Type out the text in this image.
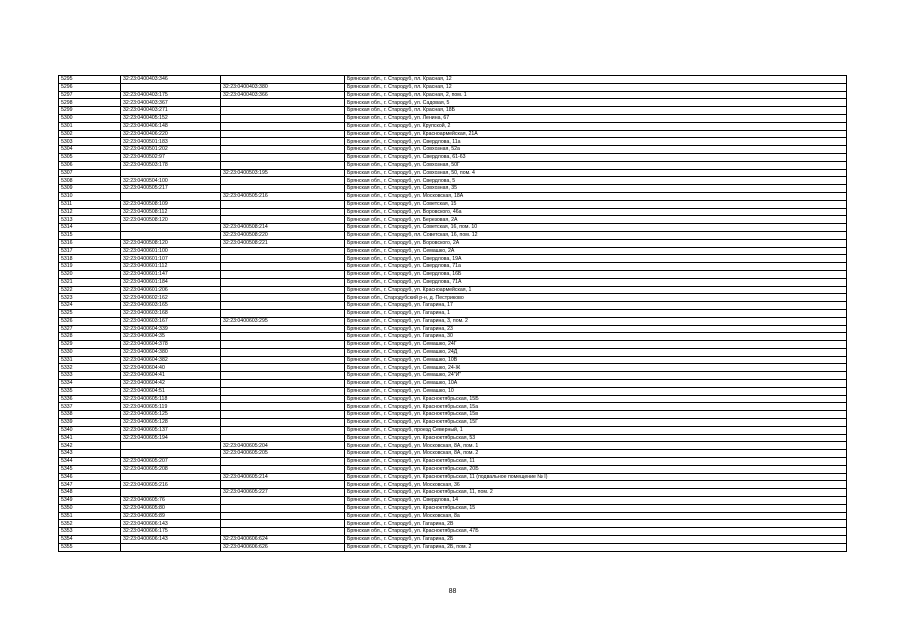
5295	32:23:0400403:346		Брянская обл., г. Стародуб, пл. Красная, 12
5296		32:23:0400403:380	Брянская обл., г. Стародуб, пл. Красная, 12
5297	32:23:0400403:175	32:23:0400403:366	Брянская обл., г. Стародуб, пл. Красная, 2, пом. 1
5298	32:23:0400403:367		Брянская обл., г. Стародуб, ул. Садовая, 5
5299	32:23:0400403:271		Брянская обл., г. Стародуб, пл. Красная, 18Б
5300	32:23:0400405:152		Брянская обл., г. Стародуб, ул. Ленина, 67
5301	32:23:0400406:148		Брянская обл., г. Стародуб, ул. Крупской, 2
5302	32:23:0400406:220		Брянская обл., г. Стародуб, ул. Красноармейская, 21А
5303	32:23:0400501:183		Брянская обл., г. Стародуб, ул. Свердлова, 11а
5304	32:23:0400501:202		Брянская обл., г. Стародуб, ул. Совхозная, 52а
5305	32:23:0400502:97		Брянская обл., г. Стародуб, ул. Свердлова, 61-63
5306	32:23:0400503:178		Брянская обл., г. Стародуб, ул. Совхозная, 50Г
5307		32:23:0400503:195	Брянская обл., г. Стародуб, ул. Совхозная, 50, пом. 4
5308	32:23:0400504:100		Брянская обл., г. Стародуб, ул. Свердлова, 5
5309	32:23:0400505:217		Брянская обл., г. Стародуб, ул. Совхозная, 35
5310		32:23:0400505:216	Брянская обл., г. Стародуб, ул. Московская, 18А
5311	32:23:0400508:109		Брянская обл., г. Стародуб, ул. Советская, 15
5312	32:23:0400508:112		Брянская обл., г. Стародуб, ул. Воровского, 46а
5313	32:23:0400508:120		Брянская обл., г. Стародуб, ул. Березовая, 2А
5314		32:23:0400508:214	Брянская обл., г. Стародуб, ул. Советская, 16, пом. 10
5315		32:23:0400508:220	Брянская обл., г. Стародуб, пл. Советская, 16, пом. 12
5316	32:23:0400508:120	32:23:0400508:221	Брянская обл., г. Стародуб, ул. Воровского, 2А
5317	32:23:0400601:100		Брянская обл., г. Стародуб, ул. Семашко, 2А
5318	32:23:0400601:107		Брянская обл., г. Стародуб, ул. Свердлова, 19А
5319	32:23:0400601:112		Брянская обл., г. Стародуб, ул. Свердлова, 71а
5320	32:23:0400601:147		Брянская обл., г. Стародуб, ул. Свердлова, 16Б
5321	32:23:0400601:184		Брянская обл., г. Стародуб, ул. Свердлова, 71А
5322	32:23:0400601:206		Брянская обл., г. Стародуб, ул. Красноармейская, 1
5323	32:23:0400602:162		Брянская обл., Стародубский р-н, д. Пестриково
5324	32:23:0400603:165		Брянская обл., г. Стародуб, ул. Гагарина, 17
5325	32:23:0400603:168		Брянская обл., г. Стародуб, ул. Гагарина, 1
5326	32:23:0400603:167	32:23:0400603:295	Брянская обл., г. Стародуб, ул. Гагарина, 3, пом. 2
5327	32:23:0400604:339		Брянская обл., г. Стародуб, ул. Гагарина, 23
5328	32:23:0400604:35		Брянская обл., г. Стародуб, ул. Гагарина, 30
5329	32:23:0400604:378		Брянская обл., г. Стародуб, ул. Семашко, 24Г
5330	32:23:0400604:380		Брянская обл., г. Стародуб, ул. Семашко, 24Д
5331	32:23:0400604:382		Брянская обл., г. Стародуб, ул. Семашко, 10В
5332	32:23:0400604:40		Брянская обл., г. Стародуб, ул. Семашко, 24-Ж
5333	32:23:0400604:41		Брянская обл., г. Стародуб, ул. Семашко, 24"И"
5334	32:23:0400604:42		Брянская обл., г. Стародуб, ул. Семашко, 10А
5335	32:23:0400604:51		Брянская обл., г. Стародуб, ул. Семашко, 10
5336	32:23:0400605:118		Брянская обл., г. Стародуб, ул. Красноктябрьская, 15Б
5337	32:23:0400605:119		Брянская обл., г. Стародуб, ул. Красноктябрьская, 15а
5338	32:23:0400605:125		Брянская обл., г. Стародуб, ул. Красноктябрьская, 15в
5339	32:23:0400605:128		Брянская обл., г. Стародуб, ул. Красноктябрьская, 15Г
5340	32:23:0400605:137		Брянская обл., г. Стародуб, проезд Северный, 1
5341	32:23:0400605:194		Брянская обл., г. Стародуб, ул. Красноктябрьская, 53
5342		32:23:0400605:204	Брянская обл., г. Стародуб, ул. Московская, 8А, пом. 1
5343		32:23:0400605:205	Брянская обл., г. Стародуб, ул. Московская, 8А, пом. 2
5344	32:23:0400605:207		Брянская обл., г. Стародуб, ул. Красноктябрьская, 11
5345	32:23:0400605:208		Брянская обл., г. Стародуб, ул. Красноктябрьская, 20Б
5346		32:23:0400605:214	Брянская обл., г. Стародуб, ул. Красноктябрьская, 11 (подвальное помещение № I)
5347	32:23:0400605:216		Брянская обл., г. Стародуб, ул. Московская, 36
5348		32:23:0400605:227	Брянская обл., г. Стародуб, ул. Красноктябрьская, 11, пом. 2
5349	32:23:0400605:76		Брянская обл., г. Стародуб, ул. Свердлова, 14
5350	32:23:0400605:80		Брянская обл., г. Стародуб, ул. Красноктябрьская, 15
5351	32:23:0400605:89		Брянская обл., г. Стародуб, ул. Московская, 8а
5352	32:23:0400606:143		Брянская обл., г. Стародуб, ул. Гагарина, 2В
5353	32:23:0400606:175		Брянская обл., г. Стародуб, ул. Красноктябрьская, 47Б
5354	32:23:0400606:143	32:23:0400606:624	Брянская обл., г. Стародуб, ул. Гагарина, 2Б
5355		32:23:0400606:626	Брянская обл., г. Стародуб, ул. Гагарина, 2Б, пом. 2
88
